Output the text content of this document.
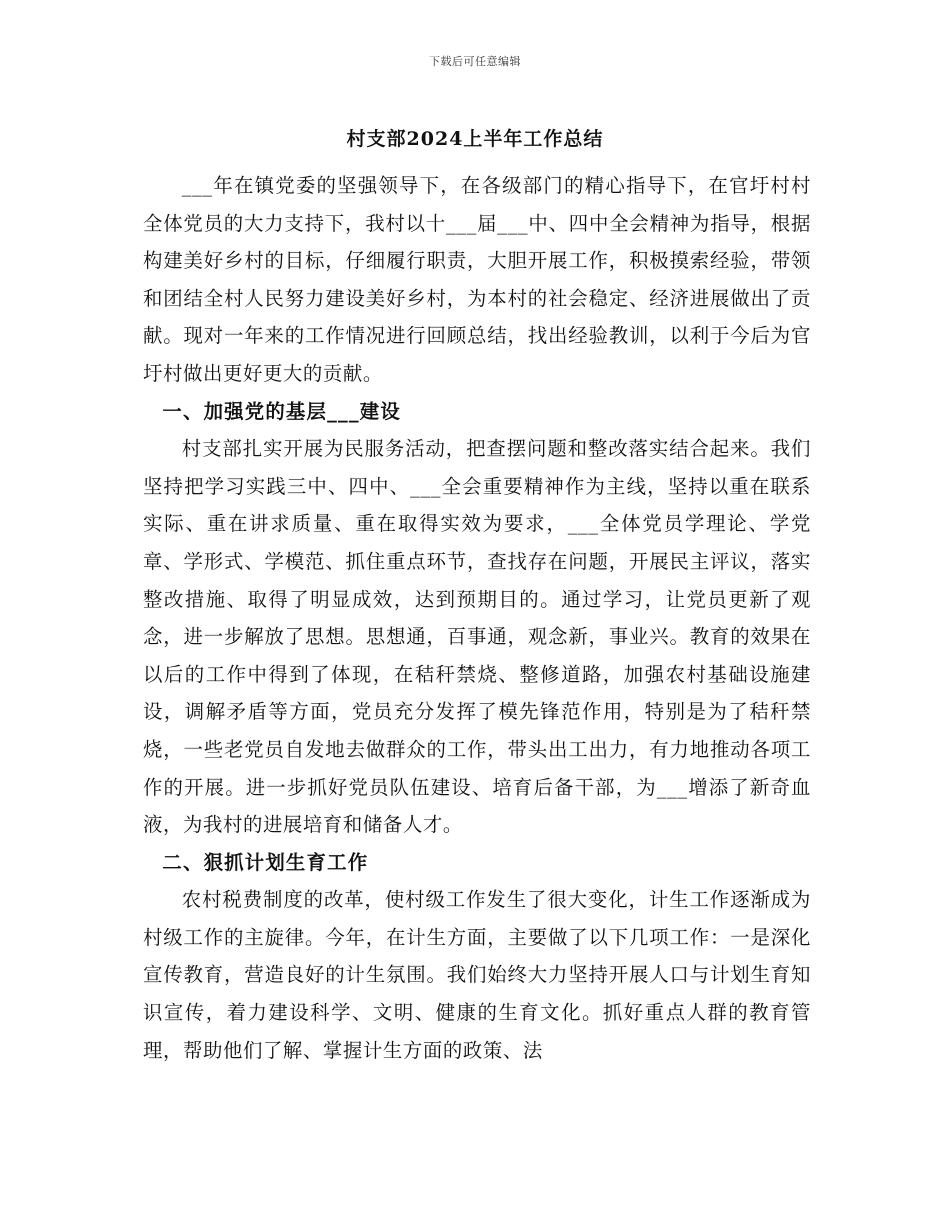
下载后可任意编辑
村支部2024上半年工作总结

___年在镇党委的坚强领导下，在各级部门的精心指导下，在官圩村村全体党员的大力支持下，我村以十___届___中、四中全会精神为指导，根据构建美好乡村的目标，仔细履行职责，大胆开展工作，积极摸索经验，带领和团结全村人民努力建设美好乡村，为本村的社会稳定、经济进展做出了贡献。现对一年来的工作情况进行回顾总结，找出经验教训，以利于今后为官圩村做出更好更大的贡献。

一、加强党的基层___建设

村支部扎实开展为民服务活动，把查摆问题和整改落实结合起来。我们坚持把学习实践三中、四中、___全会重要精神作为主线，坚持以重在联系实际、重在讲求质量、重在取得实效为要求，___全体党员学理论、学党章、学形式、学模范、抓住重点环节，查找存在问题，开展民主评议，落实整改措施、取得了明显成效，达到预期目的。通过学习，让党员更新了观念，进一步解放了思想。思想通，百事通，观念新，事业兴。教育的效果在以后的工作中得到了体现，在秸秆禁烧、整修道路，加强农村基础设施建设，调解矛盾等方面，党员充分发挥了模先锋范作用，特别是为了秸秆禁烧，一些老党员自发地去做群众的工作，带头出工出力，有力地推动各项工作的开展。进一步抓好党员队伍建设、培育后备干部，为___增添了新奇血液，为我村的进展培育和储备人才。

二、狠抓计划生育工作

农村税费制度的改革，使村级工作发生了很大变化，计生工作逐渐成为村级工作的主旋律。今年，在计生方面，主要做了以下几项工作：一是深化宣传教育，营造良好的计生氛围。我们始终大力坚持开展人口与计划生育知识宣传，着力建设科学、文明、健康的生育文化。抓好重点人群的教育管理，帮助他们了解、掌握计生方面的政策、法
